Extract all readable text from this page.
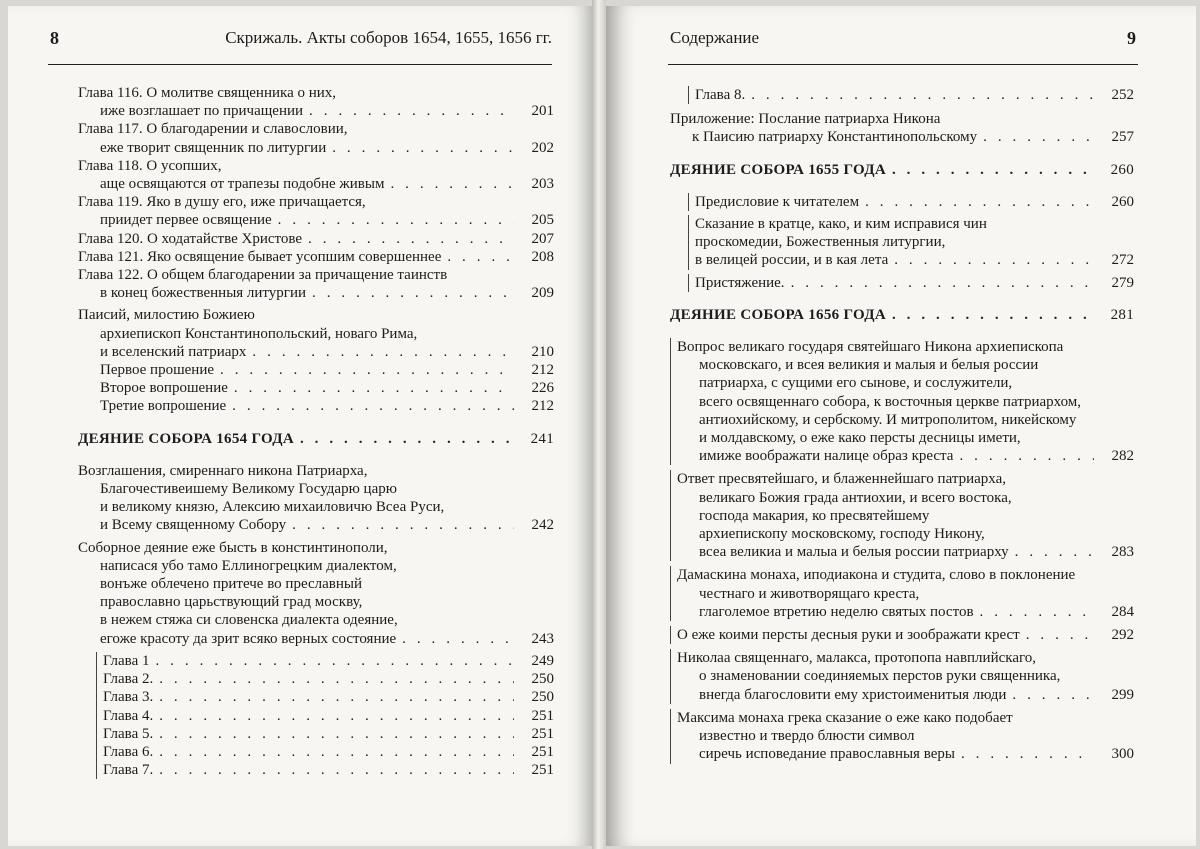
8	Скрижаль. Акты соборов 1654, 1655, 1656 гг.
Глава 116. О молитве священника о них,
иже возглашает по причащении . . .	201
Глава 117. О благодарении и славословии,
еже творит священник по литургии . . .	202
Глава 118. О усопших,
аще освящаются от трапезы подобне живым . . .	203
Глава 119. Яко в душу его, иже причащается,
приидет первее освящение . . .	205
Глава 120. О ходатайстве Христове . . .	207
Глава 121. Яко освящение бывает усопшим совершеннее . . .	208
Глава 122. О общем благодарении за причащение таинств
в конец божественныя литургии . . .	209
Паисий, милостию Божиею
архиепископ Константинопольский, новаго Рима,
и вселенский патриарх . . .	210
Первое прошение . . .	212
Второе вопрошение . . .	226
Третие вопрошение . . .	212
ДЕЯНИЕ СОБОРА 1654 ГОДА . . .	241
Возглашения, смиреннаго никона Патриарха,
Благочестивеишему Великому Государю царю
и великому князю, Алексию михаиловичю Всеа Руси,
и Всему священному Собору . . .	242
Соборное деяние еже бысть в констинтинополи,
написася убо тамо Еллиногрецким диалектом,
вонъже облечено притече во преславный
православно царьствующий град москву,
в нежем стяжа си словенска диалекта одеяние,
егоже красоту да зрит всяко верных состояние . . .	243
Глава 1 . . .	249
Глава 2. . . .	250
Глава 3. . . .	250
Глава 4. . . .	251
Глава 5. . . .	251
Глава 6. . . .	251
Глава 7. . . .	251
Содержание	9
Глава 8. . . .	252
Приложение: Послание патриарха Никона
к Паисию патриарху Константинопольскому . . .	257
ДЕЯНИЕ СОБОРА 1655 ГОДА . . .	260
Предисловие к читателем . . .	260
Сказание в кратце, како, и ким исправися чин
проскомедии, Божественныя литургии,
в велицей россии, и в кая лета . . .	272
Пристяжение. . . .	279
ДЕЯНИЕ СОБОРА 1656 ГОДА . . .	281
Вопрос великаго государя святейшаго Никона архиепископа
московскаго, и всея великия и малыя и белыя россии
патриарха, с сущими его сынове, и сослужители,
всего освященнаго собора, к восточныя церкве патриархом,
антиохийскому, и сербскому. И митрополитом, никейскому
и молдавскому, о еже како персты десницы имети,
имиже воображати налице образ креста . . .	282
Ответ пресвятейшаго, и блаженнейшаго патриарха,
великаго Божия града антиохии, и всего востока,
господа макария, ко пресвятейшему
архиепископу московскому, господу Никону,
всеа великиа и малыа и белыя россии патриарху . . .	283
Дамаскина монаха, иподиакона и студита, слово в поклонение
честнаго и животворящаго креста,
глаголемое втретию неделю святых постов . . .	284
О еже коими персты десныя руки и зоображати крест . . .	292
Николаа священнаго, малакса, протопопа навплийскаго,
о знаменовании соединяемых перстов руки священника,
внегда благословити ему христоименитыя люди . . .	299
Максима монаха грека сказание о еже како подобает
известно и твердо блюсти символ
сиречь исповедание православныя веры . . .	300
